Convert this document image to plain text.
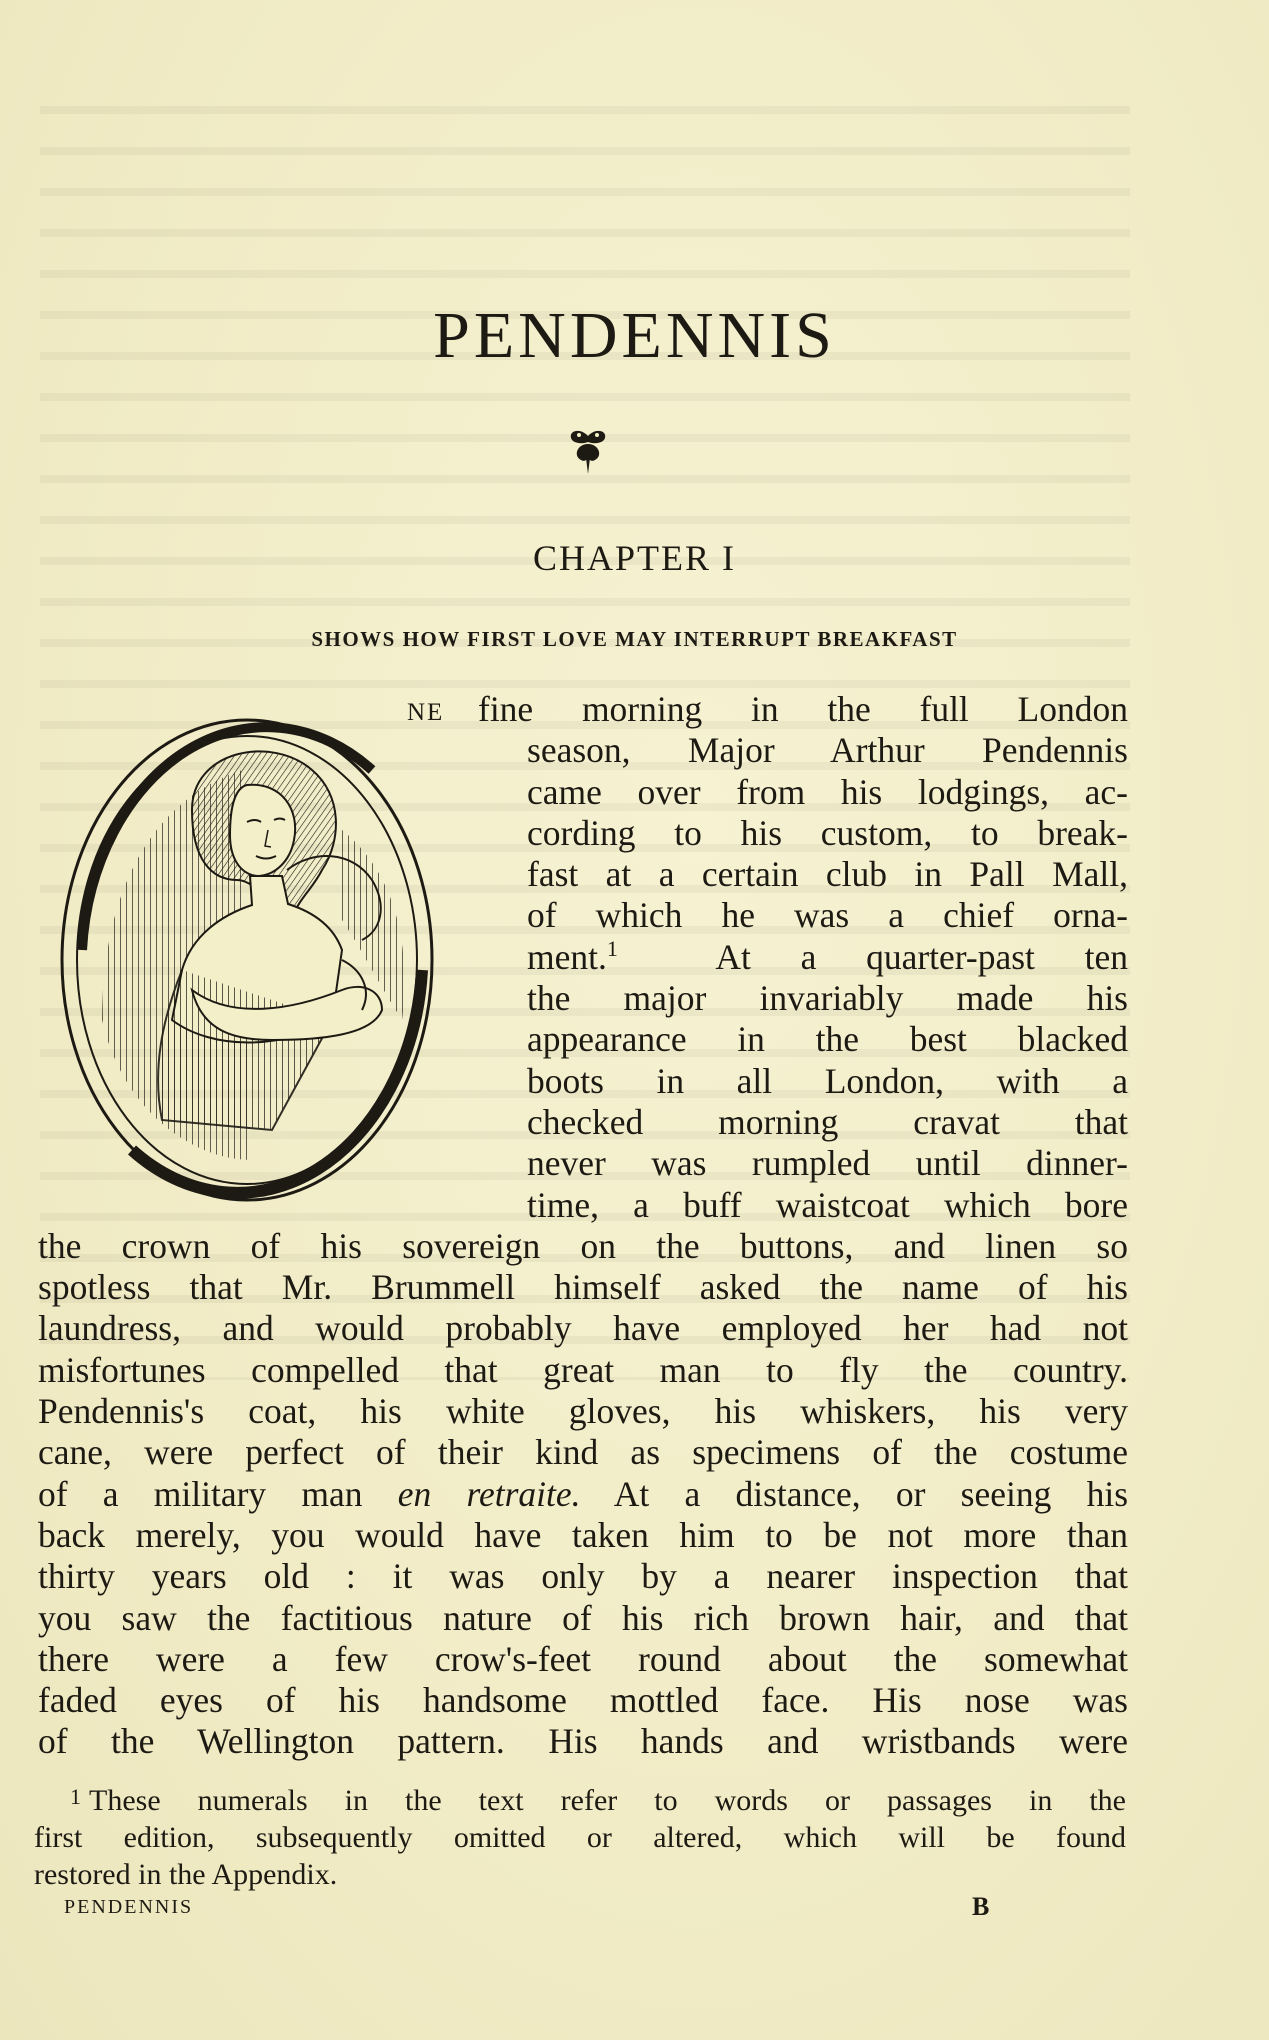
PENDENNIS
CHAPTER I
SHOWS HOW FIRST LOVE MAY INTERRUPT BREAKFAST
NE fine morning in the full London
season, Major Arthur Pendennis
came over from his lodgings, ac-
cording to his custom, to break-
fast at a certain club in Pall Mall,
of which he was a chief orna-
ment.$^1$	At a quarter-past ten
the major invariably made his
appearance in the best blacked
boots in all London, with a
checked morning cravat that
never was rumpled until dinner-
time, a buff waistcoat which bore
the crown of his sovereign on the buttons, and linen so
spotless that Mr. Brummell himself asked the name of his
laundress, and would probably have employed her had not
misfortunes compelled that great man to fly the country.
Pendennis's coat, his white gloves, his whiskers, his very
cane, were perfect of their kind as specimens of the costume
of a military man en retraite. At a distance, or seeing his
back merely, you would have taken him to be not more than
thirty years old : it was only by a nearer inspection that
you saw the factitious nature of his rich brown hair, and that
there were a few crow's-feet round about the somewhat
faded eyes of his handsome mottled face. His nose was
of the Wellington pattern. His hands and wristbands were
$^1$ These numerals in the text refer to words or passages in the
first edition, subsequently omitted or altered, which will be found
restored in the Appendix.
PENDENNIS	B
